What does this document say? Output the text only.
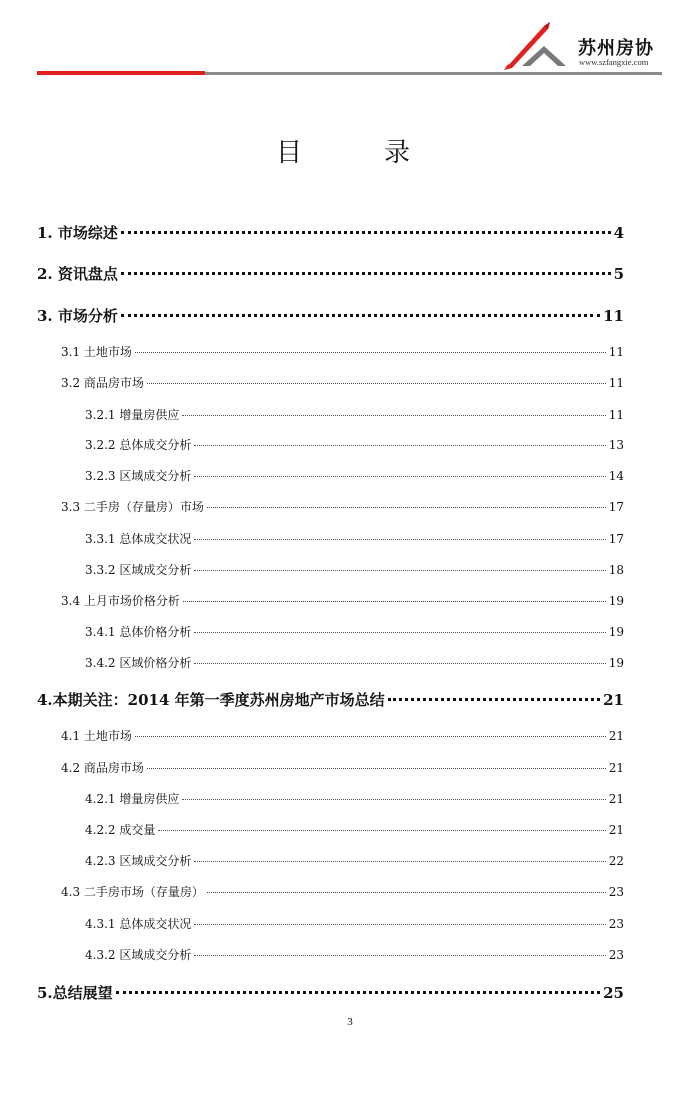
苏州房协
www.szfangxie.com
目	录
1. 市场综述	4
2. 资讯盘点	5
3. 市场分析	11
3.1 土地市场	11
3.2 商品房市场	11
3.2.1 增量房供应	11
3.2.2 总体成交分析	13
3.2.3 区域成交分析	14
3.3 二手房（存量房）市场	17
3.3.1 总体成交状况	17
3.3.2 区域成交分析	18
3.4 上月市场价格分析	19
3.4.1 总体价格分析	19
3.4.2 区域价格分析	19
4.本期关注：2014 年第一季度苏州房地产市场总结	21
4.1 土地市场	21
4.2 商品房市场	21
4.2.1 增量房供应	21
4.2.2 成交量	21
4.2.3 区域成交分析	22
4.3 二手房市场（存量房）	23
4.3.1 总体成交状况	23
4.3.2 区域成交分析	23
5.总结展望	25
3
